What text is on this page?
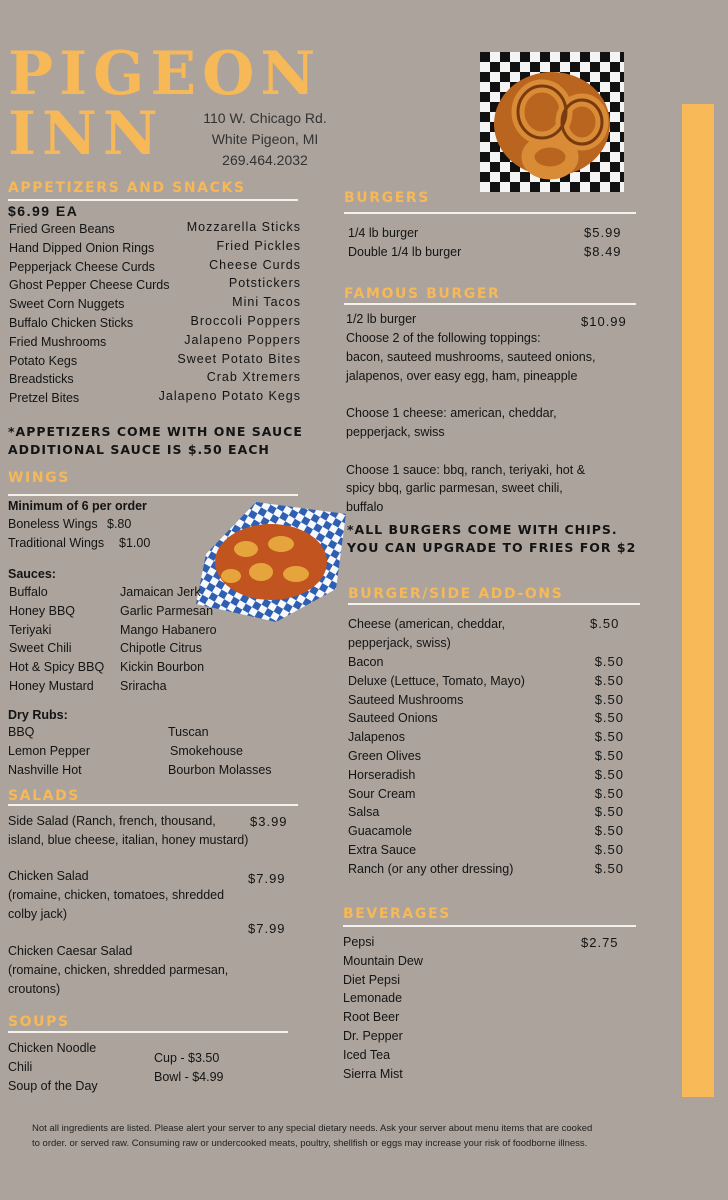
PIGEON
INN	110 W. Chicago Rd.
White Pigeon, MI
269.464.2032
APPETIZERS AND SNACKS
$6.99 EA
Fried Green Beans
Hand Dipped Onion Rings
Pepperjack Cheese Curds
Ghost Pepper Cheese Curds
Sweet Corn Nuggets
Buffalo Chicken Sticks
Fried Mushrooms
Potato Kegs
Breadsticks
Pretzel Bites
Mozzarella Sticks
Fried Pickles
Cheese Curds
Potstickers
Mini Tacos
Broccoli Poppers
Jalapeno Poppers
Sweet Potato Bites
Crab Xtremers
Jalapeno Potato Kegs
*APPETIZERS COME WITH ONE SAUCE
ADDITIONAL SAUCE IS $.50 EACH
WINGS
Minimum of 6 per order
Boneless Wings $.80
Traditional Wings $1.00
Sauces:
Buffalo
Honey BBQ
Teriyaki
Sweet Chili
Hot & Spicy BBQ
Honey Mustard
Jamaican Jerk
Garlic Parmesan
Mango Habanero
Chipotle Citrus
Kickin Bourbon
Sriracha
Dry Rubs:
BBQ
Lemon Pepper
Nashville Hot
Tuscan
Smokehouse
Bourbon Molasses
SALADS
Side Salad (Ranch, french, thousand,
island, blue cheese, italian, honey mustard)
$3.99
Chicken Salad
(romaine, chicken, tomatoes, shredded
colby jack)
$7.99
$7.99
Chicken Caesar Salad
(romaine, chicken, shredded parmesan,
croutons)
SOUPS
Chicken Noodle
Chili
Soup of the Day
Cup - $3.50
Bowl - $4.99
BURGERS
1/4 lb burger	$5.99
Double 1/4 lb burger	$8.49
FAMOUS BURGER
1/2 lb burger	$10.99
Choose 2 of the following toppings:
bacon, sauteed mushrooms, sauteed onions,
jalapenos, over easy egg, ham, pineapple
Choose 1 cheese: american, cheddar,
pepperjack, swiss
Choose 1 sauce: bbq, ranch, teriyaki, hot &
spicy bbq, garlic parmesan, sweet chili,
buffalo
*ALL BURGERS COME WITH CHIPS.
YOU CAN UPGRADE TO FRIES FOR $2
BURGER/SIDE ADD-ONS
Cheese (american, cheddar,
pepperjack, swiss)
$.50
Bacon	$.50
Deluxe (Lettuce, Tomato, Mayo)	$.50
Sauteed Mushrooms	$.50
Sauteed Onions	$.50
Jalapenos	$.50
Green Olives	$.50
Horseradish	$.50
Sour Cream	$.50
Salsa	$.50
Guacamole	$.50
Extra Sauce	$.50
Ranch (or any other dressing)	$.50
BEVERAGES
Pepsi
Mountain Dew
Diet Pepsi
Lemonade
Root Beer
Dr. Pepper
Iced Tea
Sierra Mist
$2.75
Not all ingredients are listed. Please alert your server to any special dietary needs. Ask your server about menu items that are cooked
to order. or served raw. Consuming raw or undercooked meats, poultry, shellfish or eggs may increase your risk of foodborne illness.
